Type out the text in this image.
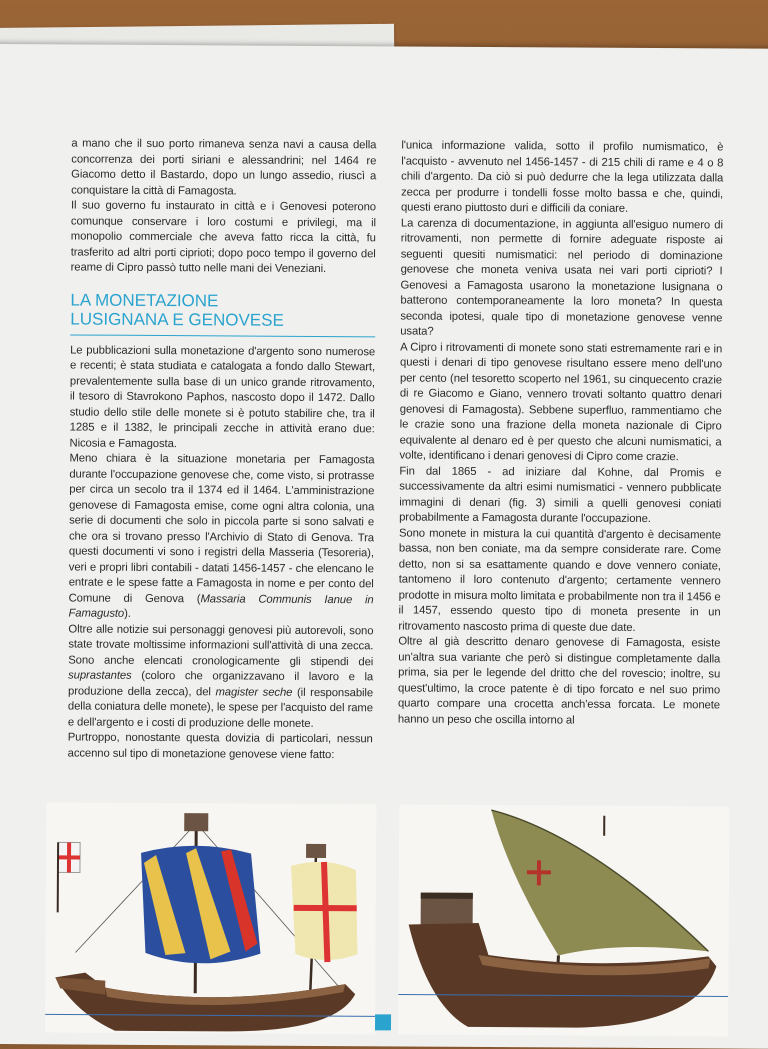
a mano che il suo porto rimaneva senza navi a causa della concorrenza dei porti siriani e alessandrini; nel 1464 re Giacomo detto il Bastardo, dopo un lungo assedio, riuscì a conquistare la città di Famagosta.

Il suo governo fu instaurato in città e i Genovesi poterono comunque conservare i loro costumi e privilegi, ma il monopolio commerciale che aveva fatto ricca la città, fu trasferito ad altri porti ciprioti; dopo poco tempo il governo del reame di Cipro passò tutto nelle mani dei Veneziani.

LA MONETAZIONE
LUSIGNANA E GENOVESE

Le pubblicazioni sulla monetazione d'argento sono numerose e recenti; è stata studiata e catalogata a fondo dallo Stewart, prevalentemente sulla base di un unico grande ritrovamento, il tesoro di Stavrokono Paphos, nascosto dopo il 1472. Dallo studio dello stile delle monete si è potuto stabilire che, tra il 1285 e il 1382, le principali zecche in attività erano due: Nicosia e Famagosta.

Meno chiara è la situazione monetaria per Famagosta durante l'occupazione genovese che, come visto, si protrasse per circa un secolo tra il 1374 ed il 1464. L'amministrazione genovese di Famagosta emise, come ogni altra colonia, una serie di documenti che solo in piccola parte si sono salvati e che ora si trovano presso l'Archivio di Stato di Genova. Tra questi documenti vi sono i registri della Masseria (Tesoreria), veri e propri libri contabili - datati 1456-1457 - che elencano le entrate e le spese fatte a Famagosta in nome e per conto del Comune di Genova (Massaria Communis Ianue in Famagusto).

Oltre alle notizie sui personaggi genovesi più autorevoli, sono state trovate moltissime informazioni sull'attività di una zecca. Sono anche elencati cronologicamente gli stipendi dei suprastantes (coloro che organizzavano il lavoro e la produzione della zecca), del magister seche (il responsabile della coniatura delle monete), le spese per l'acquisto del rame e dell'argento e i costi di produzione delle monete.

Purtroppo, nonostante questa dovizia di particolari, nessun accenno sul tipo di monetazione genovese viene fatto:

l'unica informazione valida, sotto il profilo numismatico, è l'acquisto - avvenuto nel 1456-1457 - di 215 chili di rame e 4 o 8 chili d'argento. Da ciò si può dedurre che la lega utilizzata dalla zecca per produrre i tondelli fosse molto bassa e che, quindi, questi erano piuttosto duri e difficili da coniare.

La carenza di documentazione, in aggiunta all'esiguo numero di ritrovamenti, non permette di fornire adeguate risposte ai seguenti quesiti numismatici: nel periodo di dominazione genovese che moneta veniva usata nei vari porti ciprioti? I Genovesi a Famagosta usarono la monetazione lusignana o batterono contemporaneamente la loro moneta? In questa seconda ipotesi, quale tipo di monetazione genovese venne usata?

A Cipro i ritrovamenti di monete sono stati estremamente rari e in questi i denari di tipo genovese risultano essere meno dell'uno per cento (nel tesoretto scoperto nel 1961, su cinquecento crazie di re Giacomo e Giano, vennero trovati soltanto quattro denari genovesi di Famagosta). Sebbene superfluo, rammentiamo che le crazie sono una frazione della moneta nazionale di Cipro equivalente al denaro ed è per questo che alcuni numismatici, a volte, identificano i denari genovesi di Cipro come crazie.

Fin dal 1865 - ad iniziare dal Kohne, dal Promis e successivamente da altri esimi numismatici - vennero pubblicate immagini di denari (fig. 3) simili a quelli genovesi coniati probabilmente a Famagosta durante l'occupazione.

Sono monete in mistura la cui quantità d'argento è decisamente bassa, non ben coniate, ma da sempre considerate rare. Come detto, non si sa esattamente quando e dove vennero coniate, tantomeno il loro contenuto d'argento; certamente vennero prodotte in misura molto limitata e probabilmente non tra il 1456 e il 1457, essendo questo tipo di moneta presente in un ritrovamento nascosto prima di queste due date.

Oltre al già descritto denaro genovese di Famagosta, esiste un'altra sua variante che però si distingue completamente dalla prima, sia per le legende del dritto che del rovescio; inoltre, su quest'ultimo, la croce patente è di tipo forcato e nel suo primo quarto compare una crocetta anch'essa forcata. Le monete hanno un peso che oscilla intorno al
